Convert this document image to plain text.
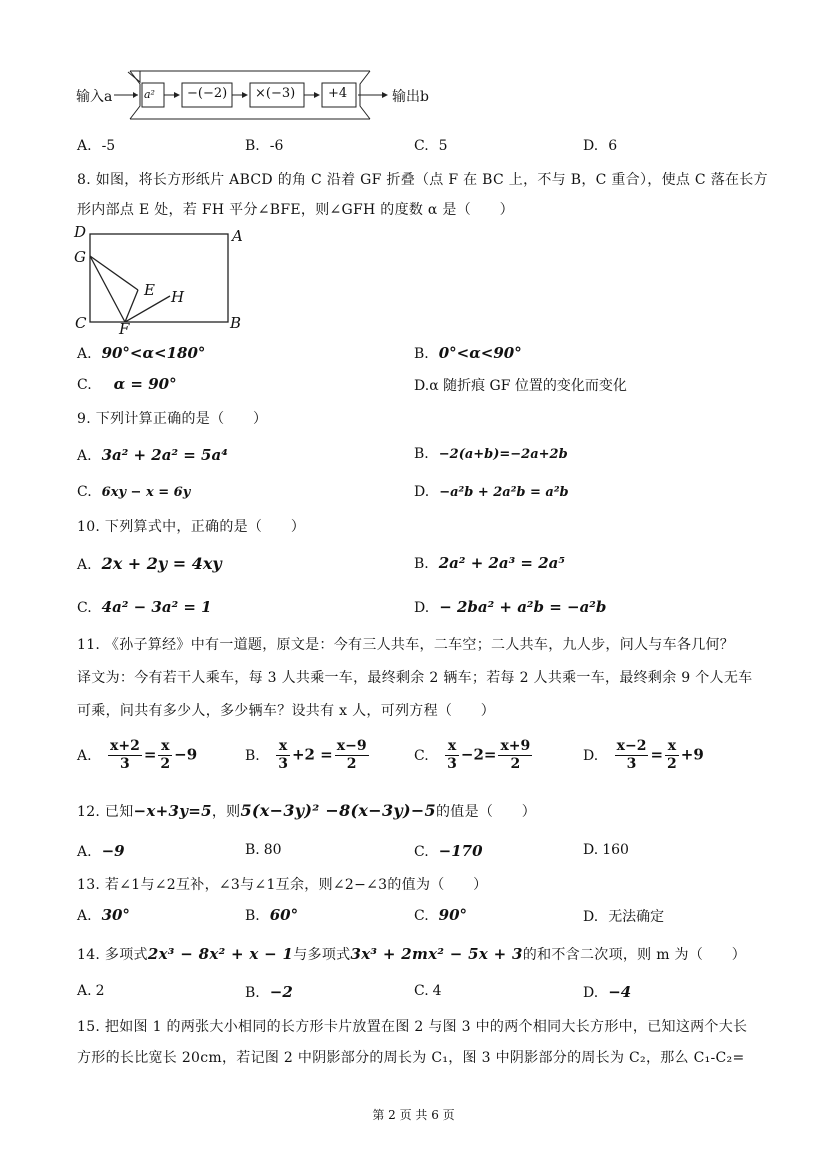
输入a	a² −(−2) ×(−3)	+4	输出b
A. -5	B. -6	C. 5	D. 6
8. 如图，将长方形纸片 ABCD 的角 C 沿着 GF 折叠（点 F 在 BC 上，不与 B，C 重合），使点 C 落在长方
形内部点 E 处，若 FH 平分∠BFE，则∠GFH 的度数 α 是（　　）
D	A
G
E H
C F	B
A. 90°<α<180°	B. 0°<α<90°
C. α = 90°	D.α 随折痕 GF 位置的变化而变化
9. 下列计算正确的是（　　）
A. 3a² + 2a² = 5a⁴	B. −2(a+b)=−2a+2b
C. 6xy − x = 6y	D. −a²b + 2a²b = a²b
10. 下列算式中，正确的是（　　）
A. 2x + 2y = 4xy	B. 2a² + 2a³ = 2a⁵
C. 4a² − 3a² = 1	D. − 2ba² + a²b = −a²b
11. 《孙子算经》中有一道题，原文是：今有三人共车，二车空；二人共车，九人步，问人与车各几何？
译文为：今有若干人乘车，每 3 人共乘一车，最终剩余 2 辆车；若每 2 人共乘一车，最终剩余 9 个人无车
可乘，问共有多少人，多少辆车？设共有 x 人，可列方程（　　）
A. $\frac{x+2}{3} = \frac{x}{2} -9$	B. $\frac{x}{3} +2 = \frac{x-9}{2}$	C. $\frac{x}{3} -2= \frac{x+9}{2}$	D. $\frac{x-2}{3} = \frac{x}{2} +9$
12. 已知−x+3y=5，则5(x−3y)² −8(x−3y)−5的值是（　　）
A. −9	B. 80	C. −170	D. 160
13. 若∠1与∠2互补，∠3与∠1互余，则∠2−∠3的值为（　　）
A. 30°	B. 60°	C. 90°	D. 无法确定
14. 多项式2x³ − 8x² + x − 1与多项式3x³ + 2mx² − 5x + 3的和不含二次项，则 m 为（　　）
A. 2	B. −2	C. 4	D. −4
15. 把如图 1 的两张大小相同的长方形卡片放置在图 2 与图 3 中的两个相同大长方形中，已知这两个大长
方形的长比宽长 20cm，若记图 2 中阴影部分的周长为 C₁，图 3 中阴影部分的周长为 C₂，那么 C₁-C₂=
第 2 页 共 6 页
